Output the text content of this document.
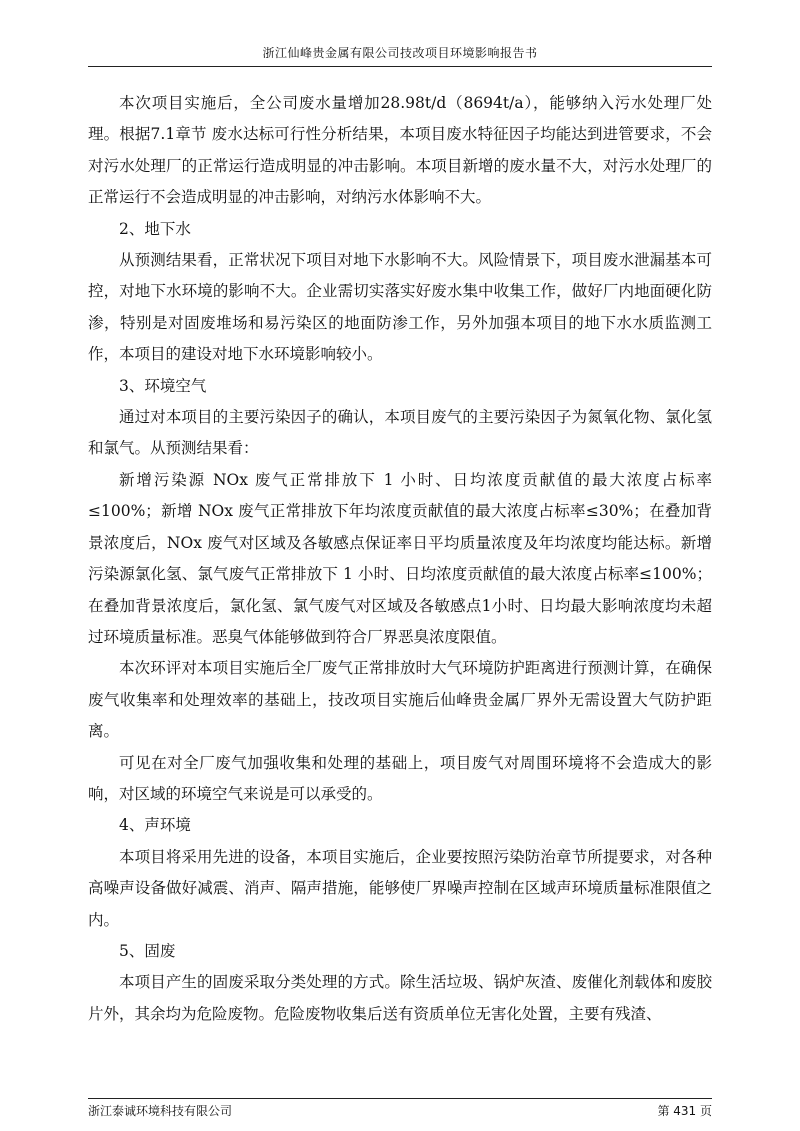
浙江仙峰贵金属有限公司技改项目环境影响报告书

本次项目实施后，全公司废水量增加28.98t/d（8694t/a），能够纳入污水处理厂处理。根据7.1章节 废水达标可行性分析结果，本项目废水特征因子均能达到进管要求，不会对污水处理厂的正常运行造成明显的冲击影响。本项目新增的废水量不大，对污水处理厂的正常运行不会造成明显的冲击影响，对纳污水体影响不大。

2、地下水

从预测结果看，正常状况下项目对地下水影响不大。风险情景下，项目废水泄漏基本可控，对地下水环境的影响不大。企业需切实落实好废水集中收集工作，做好厂内地面硬化防渗，特别是对固废堆场和易污染区的地面防渗工作，另外加强本项目的地下水水质监测工作，本项目的建设对地下水环境影响较小。

3、环境空气

通过对本项目的主要污染因子的确认，本项目废气的主要污染因子为氮氧化物、氯化氢和氯气。从预测结果看：

新增污染源 NOx 废气正常排放下 1 小时、日均浓度贡献值的最大浓度占标率≤100%；新增 NOx 废气正常排放下年均浓度贡献值的最大浓度占标率≤30%；在叠加背景浓度后，NOx 废气对区域及各敏感点保证率日平均质量浓度及年均浓度均能达标。新增污染源氯化氢、氯气废气正常排放下 1 小时、日均浓度贡献值的最大浓度占标率≤100%；在叠加背景浓度后，氯化氢、氯气废气对区域及各敏感点1小时、日均最大影响浓度均未超过环境质量标准。恶臭气体能够做到符合厂界恶臭浓度限值。

本次环评对本项目实施后全厂废气正常排放时大气环境防护距离进行预测计算，在确保废气收集率和处理效率的基础上，技改项目实施后仙峰贵金属厂界外无需设置大气防护距离。

可见在对全厂废气加强收集和处理的基础上，项目废气对周围环境将不会造成大的影响，对区域的环境空气来说是可以承受的。

4、声环境

本项目将采用先进的设备，本项目实施后，企业要按照污染防治章节所提要求，对各种高噪声设备做好减震、消声、隔声措施，能够使厂界噪声控制在区域声环境质量标准限值之内。

5、固废

本项目产生的固废采取分类处理的方式。除生活垃圾、锅炉灰渣、废催化剂载体和废胶片外，其余均为危险废物。危险废物收集后送有资质单位无害化处置，主要有残渣、

浙江泰诚环境科技有限公司	第 431 页
